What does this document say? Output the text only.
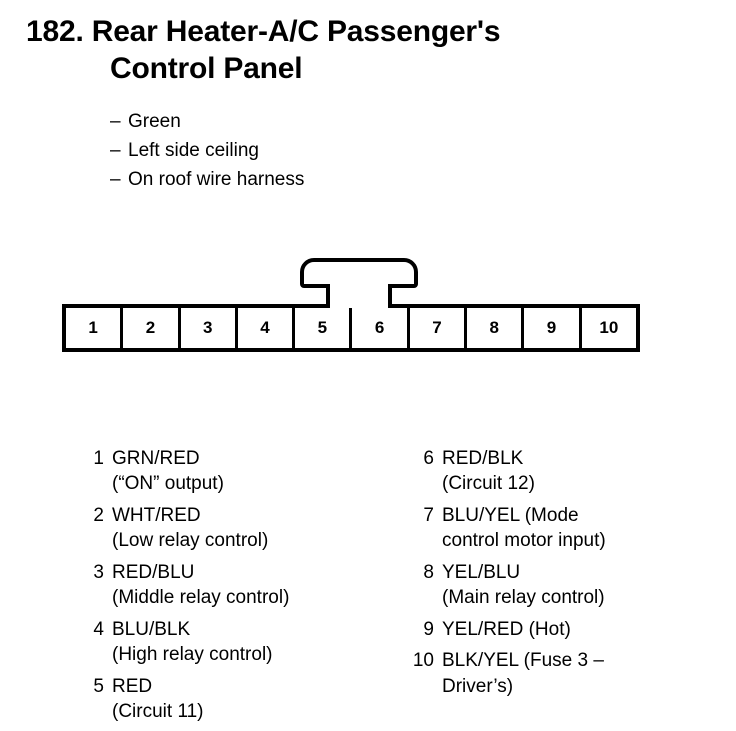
182. Rear Heater-A/C Passenger's
Control Panel
– Green
– Left side ceiling
– On roof wire harness
1	2	3	4	5	6	7	8	9	10
1 GRN/RED
(“ON” output)
2 WHT/RED
(Low relay control)
3 RED/BLU
(Middle relay control)
4 BLU/BLK
(High relay control)
5 RED
(Circuit 11)
6 RED/BLK
(Circuit 12)
7 BLU/YEL (Mode
control motor input)
8 YEL/BLU
(Main relay control)
9 YEL/RED (Hot)
10 BLK/YEL (Fuse 3 –
Driver’s)
